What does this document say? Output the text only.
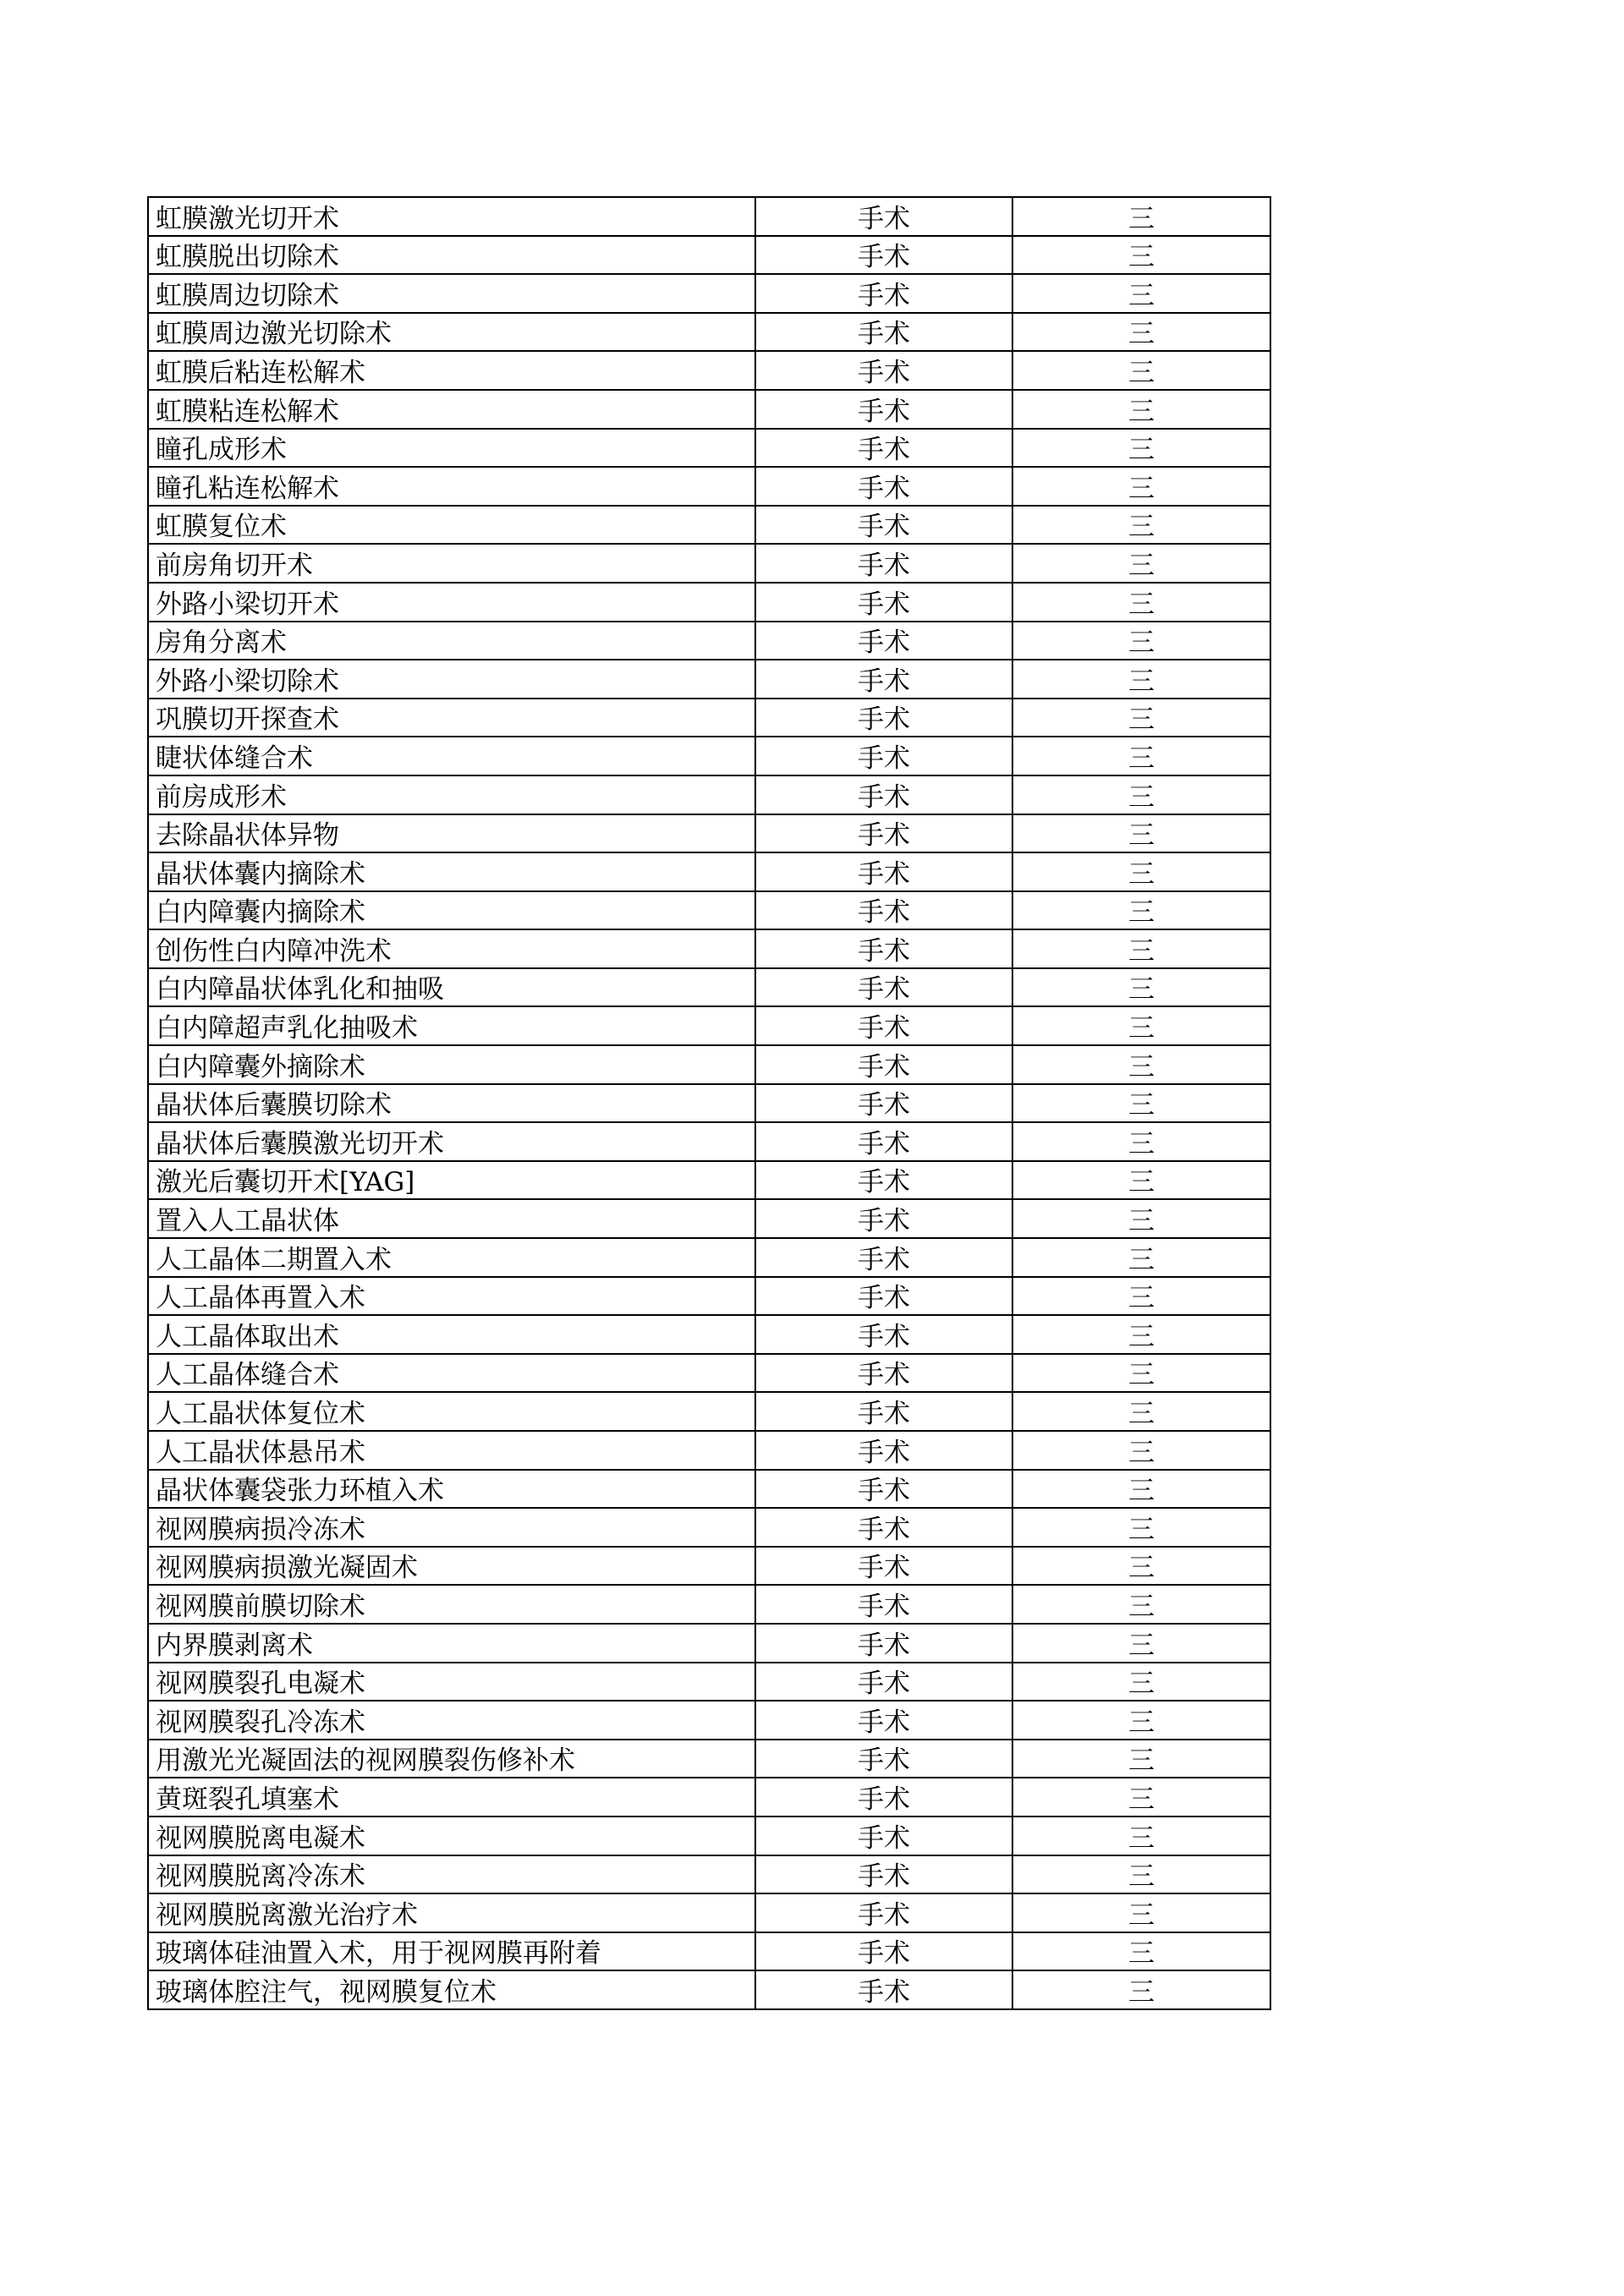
虹膜激光切开术	手术	三
虹膜脱出切除术	手术	三
虹膜周边切除术	手术	三
虹膜周边激光切除术	手术	三
虹膜后粘连松解术	手术	三
虹膜粘连松解术	手术	三
瞳孔成形术	手术	三
瞳孔粘连松解术	手术	三
虹膜复位术	手术	三
前房角切开术	手术	三
外路小梁切开术	手术	三
房角分离术	手术	三
外路小梁切除术	手术	三
巩膜切开探查术	手术	三
睫状体缝合术	手术	三
前房成形术	手术	三
去除晶状体异物	手术	三
晶状体囊内摘除术	手术	三
白内障囊内摘除术	手术	三
创伤性白内障冲洗术	手术	三
白内障晶状体乳化和抽吸	手术	三
白内障超声乳化抽吸术	手术	三
白内障囊外摘除术	手术	三
晶状体后囊膜切除术	手术	三
晶状体后囊膜激光切开术	手术	三
激光后囊切开术[YAG]	手术	三
置入人工晶状体	手术	三
人工晶体二期置入术	手术	三
人工晶体再置入术	手术	三
人工晶体取出术	手术	三
人工晶体缝合术	手术	三
人工晶状体复位术	手术	三
人工晶状体悬吊术	手术	三
晶状体囊袋张力环植入术	手术	三
视网膜病损冷冻术	手术	三
视网膜病损激光凝固术	手术	三
视网膜前膜切除术	手术	三
内界膜剥离术	手术	三
视网膜裂孔电凝术	手术	三
视网膜裂孔冷冻术	手术	三
用激光光凝固法的视网膜裂伤修补术	手术	三
黄斑裂孔填塞术	手术	三
视网膜脱离电凝术	手术	三
视网膜脱离冷冻术	手术	三
视网膜脱离激光治疗术	手术	三
玻璃体硅油置入术，用于视网膜再附着	手术	三
玻璃体腔注气，视网膜复位术	手术	三
